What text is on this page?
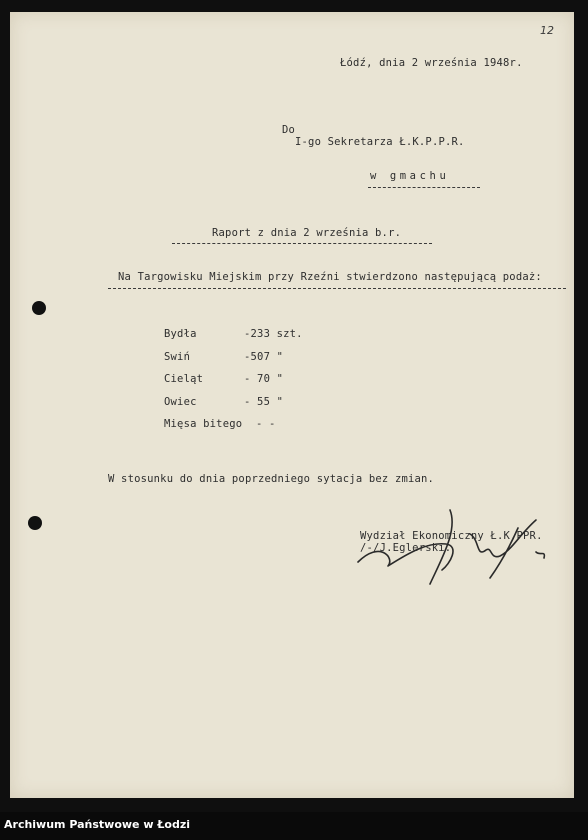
12
Łódź, dnia 2 września 1948r.
Do
I-go Sekretarza Ł.K.P.P.R.
w gmachu
Raport z dnia 2 września b.r.
Na Targowisku Miejskim przy Rzeźni stwierdzono następującą podaż:
Bydła	-233 szt.
Swiń	-507 "
Cieląt	- 70 "
Owiec	- 55 "
Mięsa bitego - -
W stosunku do dnia poprzedniego sytacja bez zmian.
Wydział Ekonomiczny Ł.K.PPR.
/-/J.Eglerski.
Archiwum Państwowe w Łodzi
